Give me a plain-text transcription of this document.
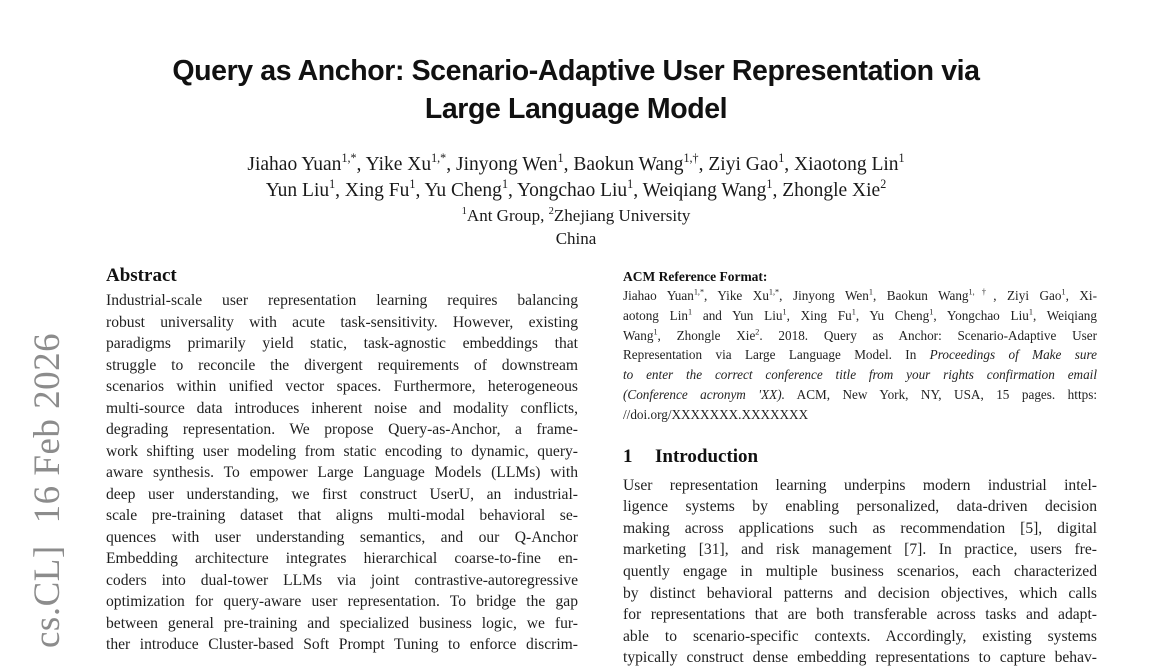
Query as Anchor: Scenario-Adaptive User Representation via
Large Language Model
Jiahao Yuan$^{1,*}$, Yike $Xu^{1,*}$, Jinyong Wen$^1$, Baokun Wang$^{1,\dagger}$, Ziyi Gao$^1$, Xiaotong Lin$^1$
Yun Liu$^1$, Xing Fu$^1$, Yu Cheng$^1$, Yongchao Liu$^1$, Weiqiang Wang$^1$, Zhongle Xie$^2$
$^1$Ant Group, $^2$Zhejiang University
China
cs.CL]16 Feb 2026
Abstract
Industrial-scale user representation learning requires balancing
robust universality with acute task-sensitivity. However, existing
paradigms primarily yield static, task-agnostic embeddings that
struggle to reconcile the divergent requirements of downstream
scenarios within unified vector spaces. Furthermore, heterogeneous
multi-source data introduces inherent noise and modality conflicts,
degrading representation. We propose Query-as-Anchor, a frame-
work shifting user modeling from static encoding to dynamic, query-
aware synthesis. To empower Large Language Models (LLMs) with
deep user understanding, we first construct UserU, an industrial-
scale pre-training dataset that aligns multi-modal behavioral se-
quences with user understanding semantics, and our Q-Anchor
Embedding architecture integrates hierarchical coarse-to-fine en-
coders into dual-tower LLMs via joint contrastive-autoregressive
optimization for query-aware user representation. To bridge the gap
between general pre-training and specialized business logic, we fur-
ther introduce Cluster-based Soft Prompt Tuning to enforce discrim-
ACM Reference Format:
Jiahao Yuan$^{1,*}$, Yike $Xu^{1,*}$, Jinyong Wen$^1$, Baokun Wang$^{1,\dagger}$, Ziyi Gao$^1$, Xi-
aotong Lin$^1$ and Yun Liu$^1$, Xing Fu$^1$, Yu Cheng$^1$, Yongchao Liu$^1$, Weiqiang
Wang$^1$, Zhongle Xie$^2$. 2018. Query as Anchor: Scenario-Adaptive User
Representation via Large Language Model. In Proceedings of Make sure
to enter the correct conference title from your rights confirmation email
(Conference acronym 'XX). ACM, New York, NY, USA, 15 pages. https:
//doi.org/XXXXXXX.XXXXXXX
1 Introduction
User representation learning underpins modern industrial intel-
ligence systems by enabling personalized, data-driven decision
making across applications such as recommendation [5], digital
marketing [31], and risk management [7]. In practice, users fre-
quently engage in multiple business scenarios, each characterized
by distinct behavioral patterns and decision objectives, which calls
for representations that are both transferable across tasks and adapt-
able to scenario-specific contexts. Accordingly, existing systems
typically construct dense embedding representations to capture behav-
